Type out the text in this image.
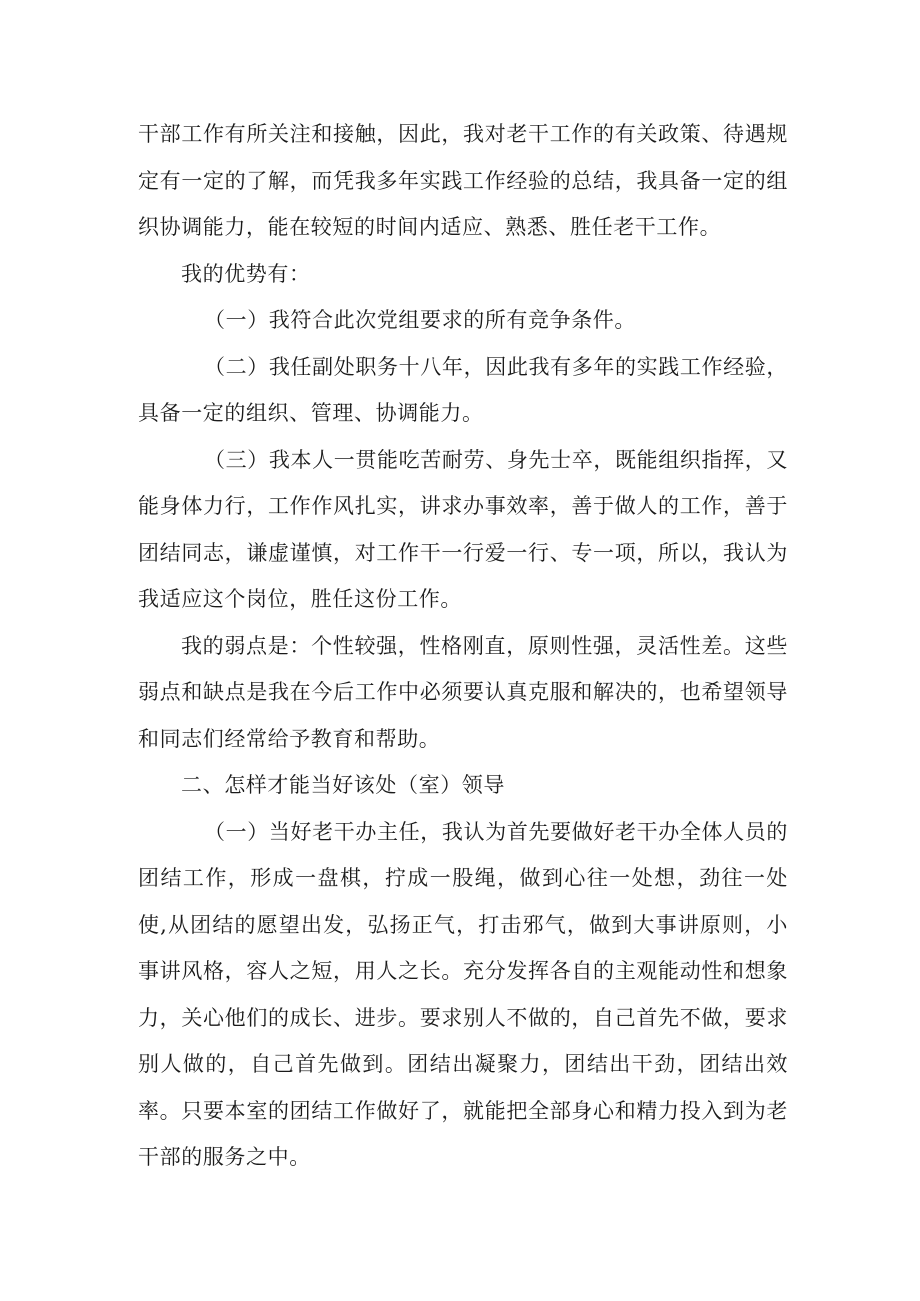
干部工作有所关注和接触，因此，我对老干工作的有关政策、待遇规定有一定的了解，而凭我多年实践工作经验的总结，我具备一定的组织协调能力，能在较短的时间内适应、熟悉、胜任老干工作。

我的优势有：

（一）我符合此次党组要求的所有竞争条件。

（二）我任副处职务十八年，因此我有多年的实践工作经验，具备一定的组织、管理、协调能力。

（三）我本人一贯能吃苦耐劳、身先士卒，既能组织指挥，又能身体力行，工作作风扎实，讲求办事效率，善于做人的工作，善于团结同志，谦虚谨慎，对工作干一行爱一行、专一项，所以，我认为我适应这个岗位，胜任这份工作。

我的弱点是：个性较强，性格刚直，原则性强，灵活性差。这些弱点和缺点是我在今后工作中必须要认真克服和解决的，也希望领导和同志们经常给予教育和帮助。

二、怎样才能当好该处（室）领导

（一）当好老干办主任，我认为首先要做好老干办全体人员的团结工作，形成一盘棋，拧成一股绳，做到心往一处想，劲往一处使,从团结的愿望出发，弘扬正气，打击邪气，做到大事讲原则，小事讲风格，容人之短，用人之长。充分发挥各自的主观能动性和想象力，关心他们的成长、进步。要求别人不做的，自己首先不做，要求别人做的，自己首先做到。团结出凝聚力，团结出干劲，团结出效率。只要本室的团结工作做好了，就能把全部身心和精力投入到为老干部的服务之中。
